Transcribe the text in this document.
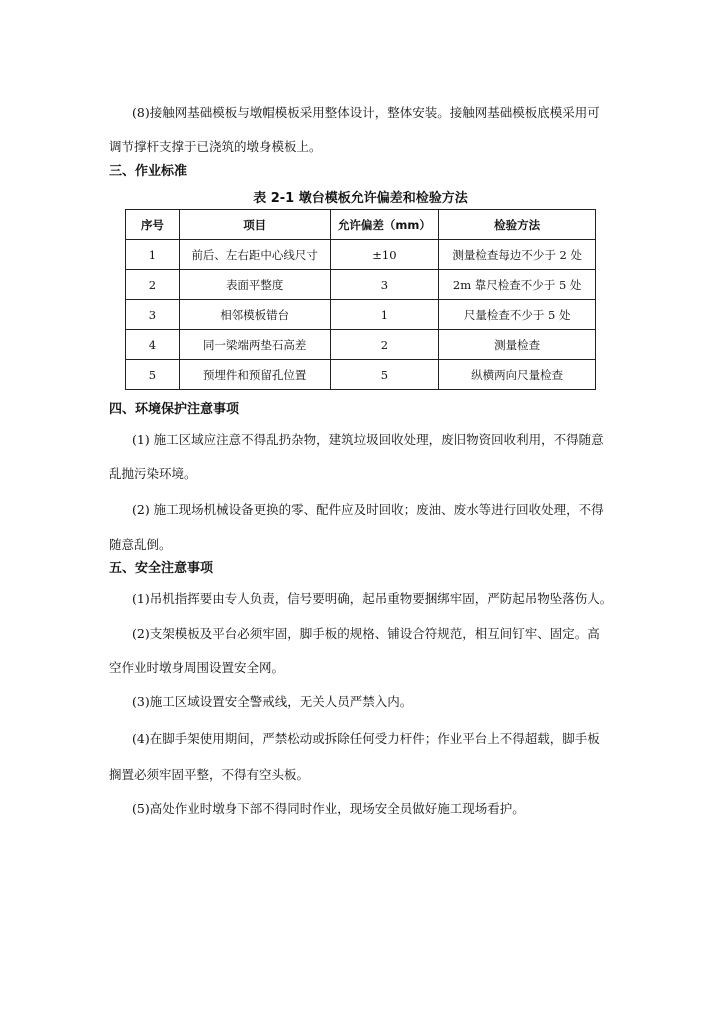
(8)接触网基础模板与墩帽模板采用整体设计，整体安装。接触网基础模板底模采用可
调节撑杆支撑于已浇筑的墩身模板上。
三、作业标准
表 2-1 墩台模板允许偏差和检验方法
序号	项目	允许偏差（mm）	检验方法
1	前后、左右距中心线尺寸	±10	测量检查每边不少于 2 处
2	表面平整度	3	2m 靠尺检查不少于 5 处
3	相邻模板错台	1	尺量检查不少于 5 处
4	同一梁端两垫石高差	2	测量检查
5	预埋件和预留孔位置	5	纵横两向尺量检查
四、环境保护注意事项
(1) 施工区域应注意不得乱扔杂物，建筑垃圾回收处理，废旧物资回收利用，不得随意
乱抛污染环境。
(2) 施工现场机械设备更换的零、配件应及时回收；废油、废水等进行回收处理，不得
随意乱倒。
五、安全注意事项
(1)吊机指挥要由专人负责，信号要明确，起吊重物要捆绑牢固，严防起吊物坠落伤人。
(2)支架模板及平台必须牢固，脚手板的规格、铺设合符规范，相互间钉牢、固定。高
空作业时墩身周围设置安全网。
(3)施工区域设置安全警戒线，无关人员严禁入内。
(4)在脚手架使用期间，严禁松动或拆除任何受力杆件；作业平台上不得超载，脚手板
搁置必须牢固平整，不得有空头板。
(5)高处作业时墩身下部不得同时作业，现场安全员做好施工现场看护。
